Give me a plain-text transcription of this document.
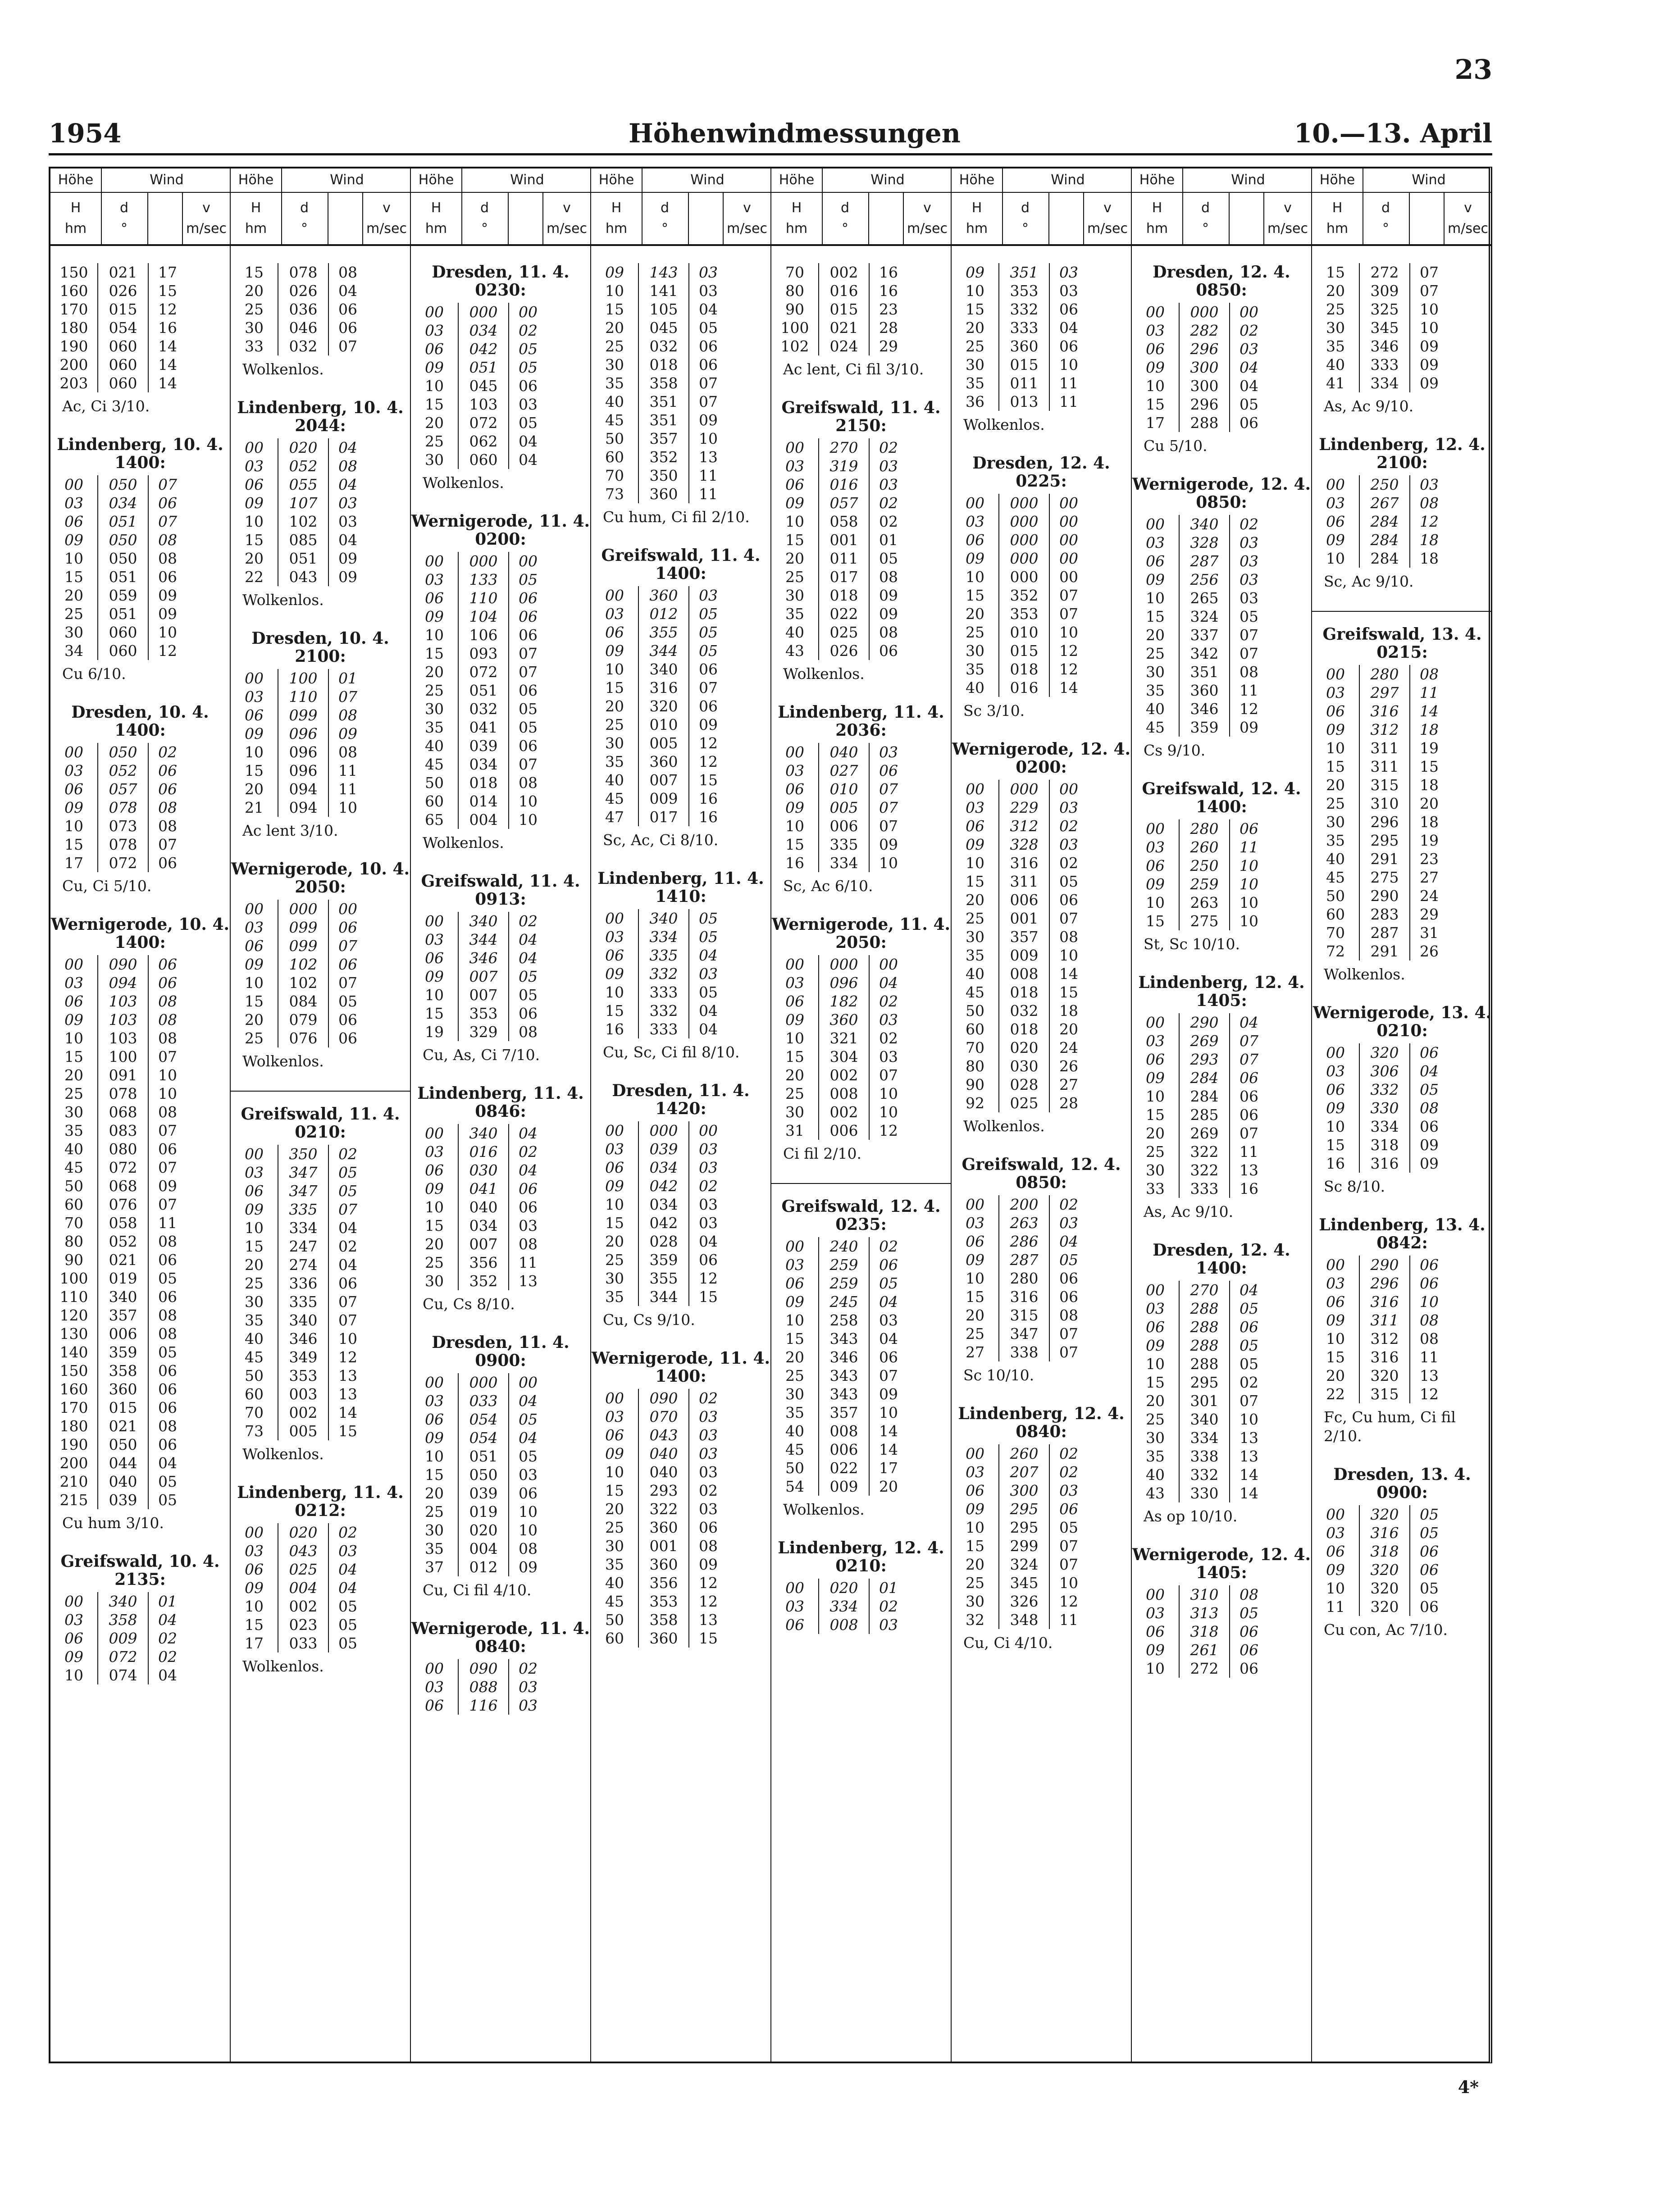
23
1954	Höhenwindmessungen	10.—13. April
Höhe	Wind
H	d	v
hm	°	m/sec
150	021	17
160	026	15
170	015	12
180	054	16
190	060	14
200	060	14
203	060	14
Ac, Ci 3/10.
Lindenberg, 10. 4. 1400:
00	050	07
03	034	06
06	051	07
09	050	08
10	050	08
15	051	06
20	059	09
25	051	09
30	060	10
34	060	12
Cu 6/10.
Dresden, 10. 4. 1400:
00	050	02
03	052	06
06	057	06
09	078	08
10	073	08
15	078	07
17	072	06
Cu, Ci 5/10.
Wernigerode, 10. 4. 1400:
00	090	06
03	094	06
06	103	08
09	103	08
10	103	08
15	100	07
20	091	10
25	078	10
30	068	08
35	083	07
40	080	06
45	072	07
50	068	09
60	076	07
70	058	11
80	052	08
90	021	06
100	019	05
110	340	06
120	357	08
130	006	08
140	359	05
150	358	06
160	360	06
170	015	06
180	021	08
190	050	06
200	044	04
210	040	05
215	039	05
Cu hum 3/10.
Greifswald, 10. 4. 2135:
00	340	01
03	358	04
06	009	02
09	072	02
10	074	04
Höhe	Wind
H	d	v
hm	°	m/sec
15	078	08
20	026	04
25	036	06
30	046	06
33	032	07
Wolkenlos.
Lindenberg, 10. 4. 2044:
00	020	04
03	052	08
06	055	04
09	107	03
10	102	03
15	085	04
20	051	09
22	043	09
Wolkenlos.
Dresden, 10. 4. 2100:
00	100	01
03	110	07
06	099	08
09	096	09
10	096	08
15	096	11
20	094	11
21	094	10
Ac lent 3/10.
Wernigerode, 10. 4. 2050:
00	000	00
03	099	06
06	099	07
09	102	06
10	102	07
15	084	05
20	079	06
25	076	06
Wolkenlos.
Greifswald, 11. 4. 0210:
00	350	02
03	347	05
06	347	05
09	335	07
10	334	04
15	247	02
20	274	04
25	336	06
30	335	07
35	340	07
40	346	10
45	349	12
50	353	13
60	003	13
70	002	14
73	005	15
Wolkenlos.
Lindenberg, 11. 4. 0212:
00	020	02
03	043	03
06	025	04
09	004	04
10	002	05
15	023	05
17	033	05
Wolkenlos.
Höhe	Wind
H	d	v
hm	°	m/sec
Dresden, 11. 4. 0230:
00	000	00
03	034	02
06	042	05
09	051	05
10	045	06
15	103	03
20	072	05
25	062	04
30	060	04
Wolkenlos.
Wernigerode, 11. 4. 0200:
00	000	00
03	133	05
06	110	06
09	104	06
10	106	06
15	093	07
20	072	07
25	051	06
30	032	05
35	041	05
40	039	06
45	034	07
50	018	08
60	014	10
65	004	10
Wolkenlos.
Greifswald, 11. 4. 0913:
00	340	02
03	344	04
06	346	04
09	007	05
10	007	05
15	353	06
19	329	08
Cu, As, Ci 7/10.
Lindenberg, 11. 4. 0846:
00	340	04
03	016	02
06	030	04
09	041	06
10	040	06
15	034	03
20	007	08
25	356	11
30	352	13
Cu, Cs 8/10.
Dresden, 11. 4. 0900:
00	000	00
03	033	04
06	054	05
09	054	04
10	051	05
15	050	03
20	039	06
25	019	10
30	020	10
35	004	08
37	012	09
Cu, Ci fil 4/10.
Wernigerode, 11. 4. 0840:
00	090	02
03	088	03
06	116	03
Höhe	Wind
H	d	v
hm	°	m/sec
09	143	03
10	141	03
15	105	04
20	045	05
25	032	06
30	018	06
35	358	07
40	351	07
45	351	09
50	357	10
60	352	13
70	350	11
73	360	11
Cu hum, Ci fil 2/10.
Greifswald, 11. 4. 1400:
00	360	03
03	012	05
06	355	05
09	344	05
10	340	06
15	316	07
20	320	06
25	010	09
30	005	12
35	360	12
40	007	15
45	009	16
47	017	16
Sc, Ac, Ci 8/10.
Lindenberg, 11. 4. 1410:
00	340	05
03	334	05
06	335	04
09	332	03
10	333	05
15	332	04
16	333	04
Cu, Sc, Ci fil 8/10.
Dresden, 11. 4. 1420:
00	000	00
03	039	03
06	034	03
09	042	02
10	034	03
15	042	03
20	028	04
25	359	06
30	355	12
35	344	15
Cu, Cs 9/10.
Wernigerode, 11. 4. 1400:
00	090	02
03	070	03
06	043	03
09	040	03
10	040	03
15	293	02
20	322	03
25	360	06
30	001	08
35	360	09
40	356	12
45	353	12
50	358	13
60	360	15
Höhe	Wind
H	d	v
hm	°	m/sec
70	002	16
80	016	16
90	015	23
100	021	28
102	024	29
Ac lent, Ci fil 3/10.
Greifswald, 11. 4. 2150:
00	270	02
03	319	03
06	016	03
09	057	02
10	058	02
15	001	01
20	011	05
25	017	08
30	018	09
35	022	09
40	025	08
43	026	06
Wolkenlos.
Lindenberg, 11. 4. 2036:
00	040	03
03	027	06
06	010	07
09	005	07
10	006	07
15	335	09
16	334	10
Sc, Ac 6/10.
Wernigerode, 11. 4. 2050:
00	000	00
03	096	04
06	182	02
09	360	03
10	321	02
15	304	03
20	002	07
25	008	10
30	002	10
31	006	12
Ci fil 2/10.
Greifswald, 12. 4. 0235:
00	240	02
03	259	06
06	259	05
09	245	04
10	258	03
15	343	04
20	346	06
25	343	07
30	343	09
35	357	10
40	008	14
45	006	14
50	022	17
54	009	20
Wolkenlos.
Lindenberg, 12. 4. 0210:
00	020	01
03	334	02
06	008	03
Höhe	Wind
H	d	v
hm	°	m/sec
09	351	03
10	353	03
15	332	06
20	333	04
25	360	06
30	015	10
35	011	11
36	013	11
Wolkenlos.
Dresden, 12. 4. 0225:
00	000	00
03	000	00
06	000	00
09	000	00
10	000	00
15	352	07
20	353	07
25	010	10
30	015	12
35	018	12
40	016	14
Sc 3/10.
Wernigerode, 12. 4. 0200:
00	000	00
03	229	03
06	312	02
09	328	03
10	316	02
15	311	05
20	006	06
25	001	07
30	357	08
35	009	10
40	008	14
45	018	15
50	032	18
60	018	20
70	020	24
80	030	26
90	028	27
92	025	28
Wolkenlos.
Greifswald, 12. 4. 0850:
00	200	02
03	263	03
06	286	04
09	287	05
10	280	06
15	316	06
20	315	08
25	347	07
27	338	07
Sc 10/10.
Lindenberg, 12. 4. 0840:
00	260	02
03	207	02
06	300	03
09	295	06
10	295	05
15	299	07
20	324	07
25	345	10
30	326	12
32	348	11
Cu, Ci 4/10.
Höhe	Wind
H	d	v
hm	°	m/sec
Dresden, 12. 4. 0850:
00	000	00
03	282	02
06	296	03
09	300	04
10	300	04
15	296	05
17	288	06
Cu 5/10.
Wernigerode, 12. 4. 0850:
00	340	02
03	328	03
06	287	03
09	256	03
10	265	03
15	324	05
20	337	07
25	342	07
30	351	08
35	360	11
40	346	12
45	359	09
Cs 9/10.
Greifswald, 12. 4. 1400:
00	280	06
03	260	11
06	250	10
09	259	10
10	263	10
15	275	10
St, Sc 10/10.
Lindenberg, 12. 4. 1405:
00	290	04
03	269	07
06	293	07
09	284	06
10	284	06
15	285	06
20	269	07
25	322	11
30	322	13
33	333	16
As, Ac 9/10.
Dresden, 12. 4. 1400:
00	270	04
03	288	05
06	288	06
09	288	05
10	288	05
15	295	02
20	301	07
25	340	10
30	334	13
35	338	13
40	332	14
43	330	14
As op 10/10.
Wernigerode, 12. 4. 1405:
00	310	08
03	313	05
06	318	06
09	261	06
10	272	06
Höhe	Wind
H	d	v
hm	°	m/sec
15	272	07
20	309	07
25	325	10
30	345	10
35	346	09
40	333	09
41	334	09
As, Ac 9/10.
Lindenberg, 12. 4. 2100:
00	250	03
03	267	08
06	284	12
09	284	18
10	284	18
Sc, Ac 9/10.
Greifswald, 13. 4. 0215:
00	280	08
03	297	11
06	316	14
09	312	18
10	311	19
15	311	15
20	315	18
25	310	20
30	296	18
35	295	19
40	291	23
45	275	27
50	290	24
60	283	29
70	287	31
72	291	26
Wolkenlos.
Wernigerode, 13. 4. 0210:
00	320	06
03	306	04
06	332	05
09	330	08
10	334	06
15	318	09
16	316	09
Sc 8/10.
Lindenberg, 13. 4. 0842:
00	290	06
03	296	06
06	316	10
09	311	08
10	312	08
15	316	11
20	320	13
22	315	12
Fc, Cu hum, Ci fil 2/10.
Dresden, 13. 4. 0900:
00	320	05
03	316	05
06	318	06
09	320	06
10	320	05
11	320	06
Cu con, Ac 7/10.
4*
